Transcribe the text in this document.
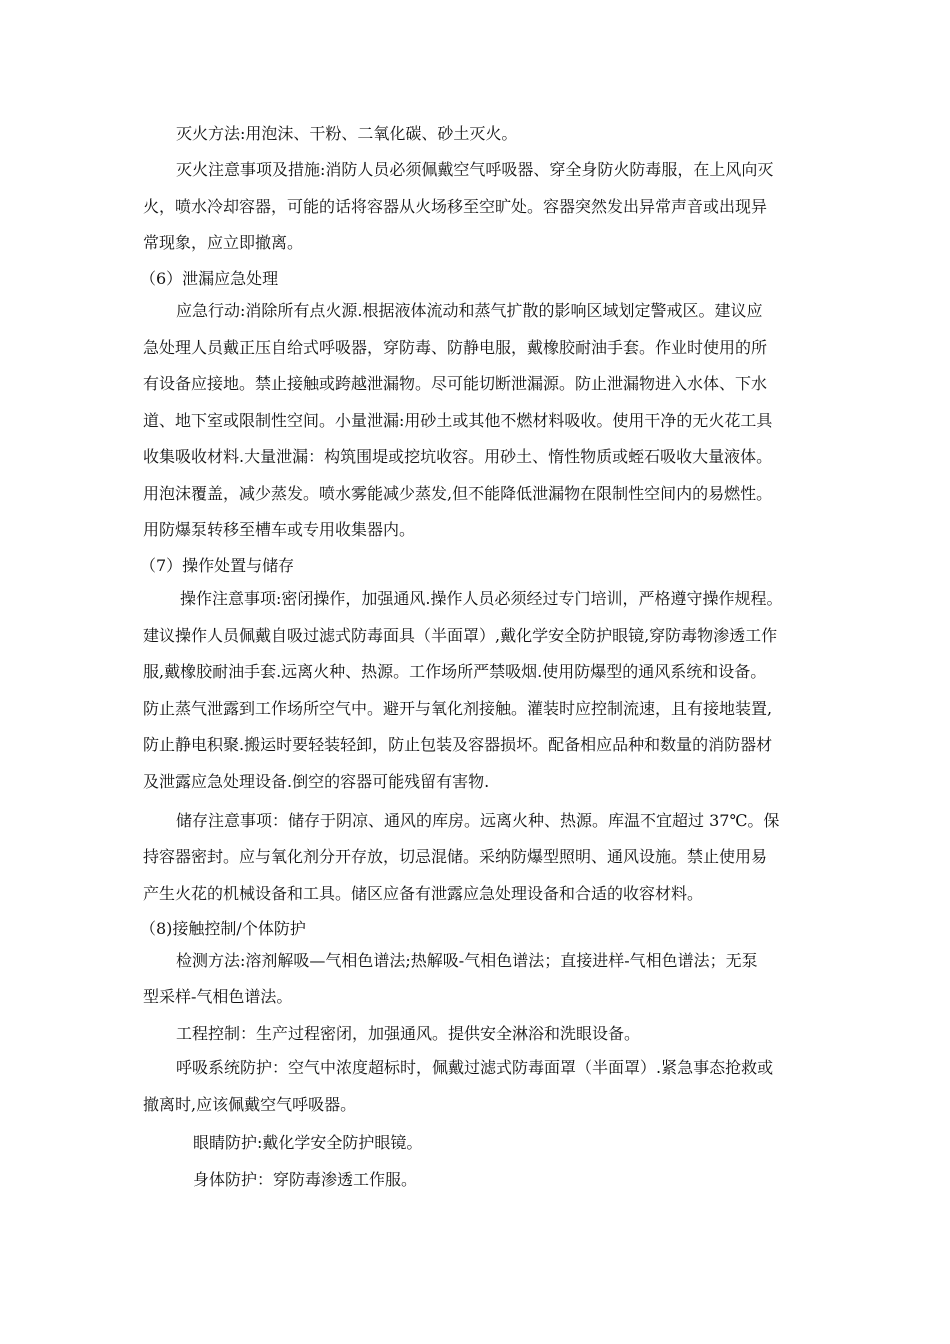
灭火方法:用泡沫、干粉、二氧化碳、砂土灭火。
灭火注意事项及措施:消防人员必须佩戴空气呼吸器、穿全身防火防毒服，在上风向灭
火，喷水冷却容器，可能的话将容器从火场移至空旷处。容器突然发出异常声音或出现异
常现象，应立即撤离。
（6）泄漏应急处理
应急行动:消除所有点火源.根据液体流动和蒸气扩散的影响区域划定警戒区。建议应
急处理人员戴正压自给式呼吸器，穿防毒、防静电服，戴橡胶耐油手套。作业时使用的所
有设备应接地。禁止接触或跨越泄漏物。尽可能切断泄漏源。防止泄漏物进入水体、下水
道、地下室或限制性空间。小量泄漏:用砂土或其他不燃材料吸收。使用干净的无火花工具
收集吸收材料.大量泄漏：构筑围堤或挖坑收容。用砂土、惰性物质或蛭石吸收大量液体。
用泡沫覆盖，减少蒸发。喷水雾能减少蒸发,但不能降低泄漏物在限制性空间内的易燃性。
用防爆泵转移至槽车或专用收集器内。
（7）操作处置与储存
操作注意事项:密闭操作，加强通风.操作人员必须经过专门培训，严格遵守操作规程。
建议操作人员佩戴自吸过滤式防毒面具（半面罩）,戴化学安全防护眼镜,穿防毒物渗透工作
服,戴橡胶耐油手套.远离火种、热源。工作场所严禁吸烟.使用防爆型的通风系统和设备。
防止蒸气泄露到工作场所空气中。避开与氧化剂接触。灌装时应控制流速，且有接地装置,
防止静电积聚.搬运时要轻装轻卸，防止包装及容器损坏。配备相应品种和数量的消防器材
及泄露应急处理设备.倒空的容器可能残留有害物.
储存注意事项：储存于阴凉、通风的库房。远离火种、热源。库温不宜超过 37℃。保
持容器密封。应与氧化剂分开存放，切忌混储。采纳防爆型照明、通风设施。禁止使用易
产生火花的机械设备和工具。储区应备有泄露应急处理设备和合适的收容材料。
（8)接触控制/个体防护
检测方法:溶剂解吸—气相色谱法;热解吸-气相色谱法；直接进样-气相色谱法；无泵
型采样-气相色谱法。
工程控制：生产过程密闭，加强通风。提供安全淋浴和洗眼设备。
呼吸系统防护：空气中浓度超标时，佩戴过滤式防毒面罩（半面罩）.紧急事态抢救或
撤离时,应该佩戴空气呼吸器。
眼睛防护:戴化学安全防护眼镜。
身体防护：穿防毒渗透工作服。
